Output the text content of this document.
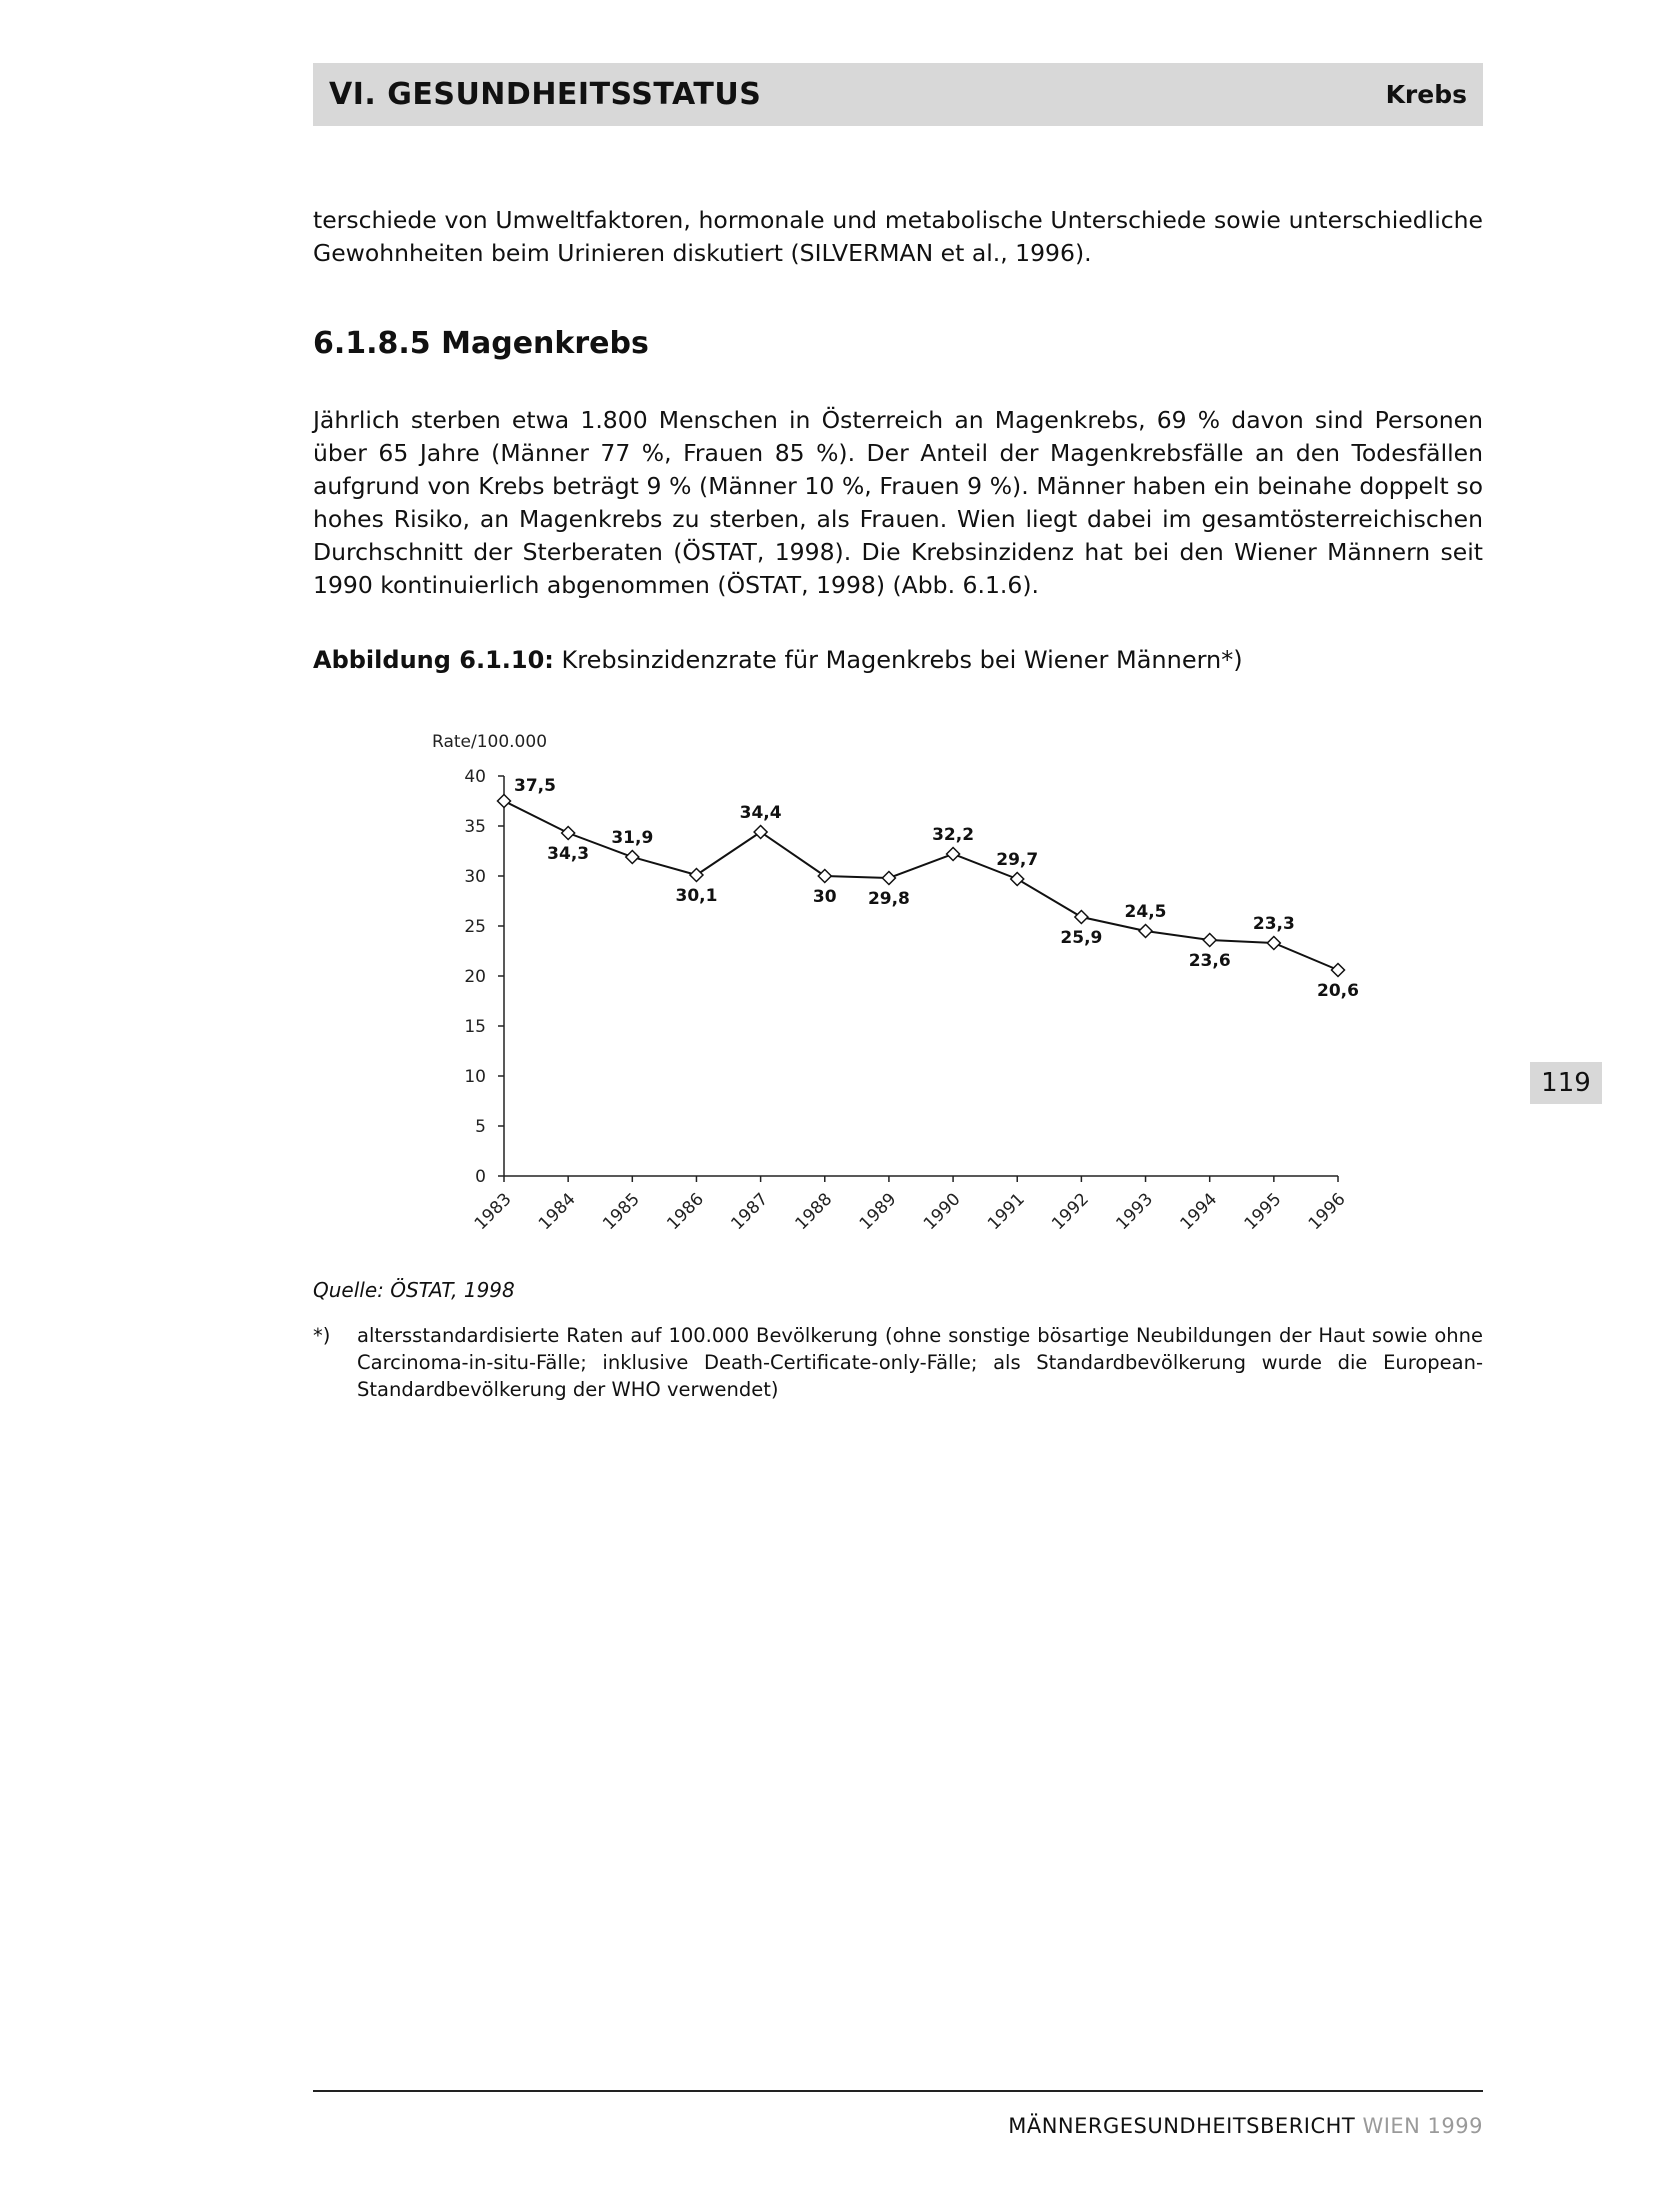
VI. GESUNDHEITSSTATUS	Krebs

terschiede von Umweltfaktoren, hormonale und metabolische Unterschiede sowie unterschiedliche Gewohnheiten beim Urinieren diskutiert (SILVERMAN et al., 1996).

6.1.8.5 Magenkrebs

Jährlich sterben etwa 1.800 Menschen in Österreich an Magenkrebs, 69 % davon sind Personen über 65 Jahre (Männer 77 %, Frauen 85 %). Der Anteil der Magenkrebsfälle an den Todesfällen aufgrund von Krebs beträgt 9 % (Männer 10 %, Frauen 9 %). Männer haben ein beinahe doppelt so hohes Risiko, an Magenkrebs zu sterben, als Frauen. Wien liegt dabei im gesamtösterreichischen Durchschnitt der Sterberaten (ÖSTAT, 1998). Die Krebsinzidenz hat bei den Wiener Männern seit 1990 kontinuierlich abgenommen (ÖSTAT, 1998) (Abb. 6.1.6).

Abbildung 6.1.10: Krebsinzidenzrate für Magenkrebs bei Wiener Männern*)
Rate/100.000
0
5
10
15
20
25
30
35
40
1983 1984 1985 1986 1987 1988 1989 1990 1991 1992 1993 1994 1995 1996
37,5
34,3
31,9
30,1
34,4
30 29,8
32,2
29,7
25,9
24,5
23,6
23,3
20,6
Quelle: ÖSTAT, 1998
*) altersstandardisierte Raten auf 100.000 Bevölkerung (ohne sonstige bösartige Neubildungen der Haut sowie ohne Carcinoma-in-situ-Fälle; inklusive Death-Certificate-only-Fälle; als Standardbevölkerung wurde die European-Standardbevölkerung der WHO verwendet)
119
MÄNNERGESUNDHEITSBERICHT WIEN 1999
